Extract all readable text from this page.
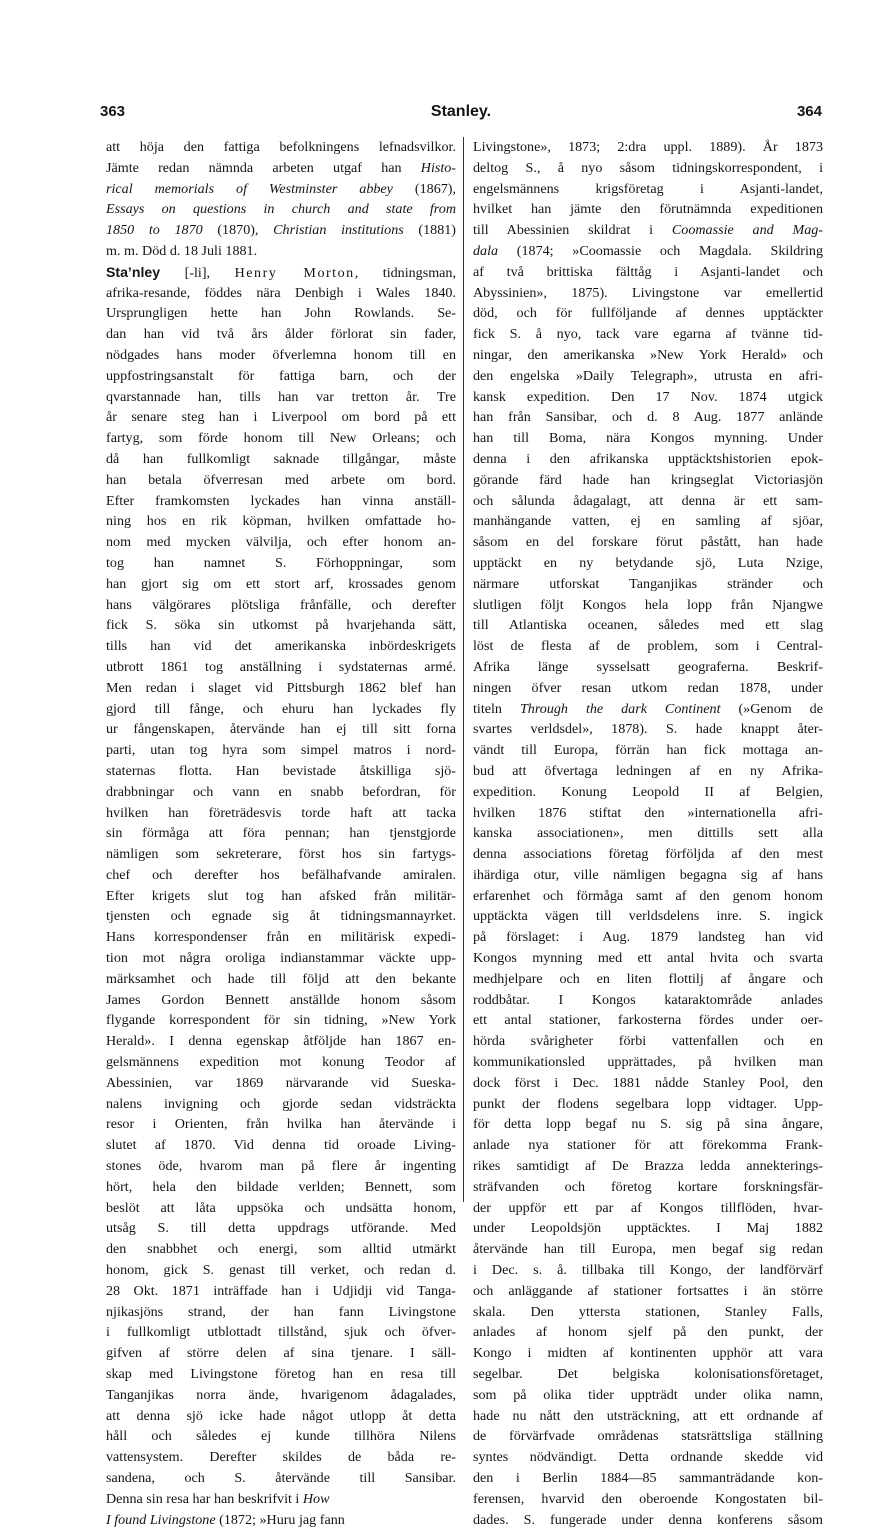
363	Stanley.	364
att höja den fattiga befolkningens lefnadsvilkor.
Jämte redan nämnda arbeten utgaf han Histo-
rical memorials of Westminster abbey (1867),
Essays on questions in church and state from
1850 to 1870 (1870), Christian institutions (1881)
m. m. Död d. 18 Juli 1881.
Sta’nley [-li], Henry Morton, tidningsman,
afrika-resande, föddes nära Denbigh i Wales 1840.
Ursprungligen hette han John Rowlands. Se-
dan han vid två års ålder förlorat sin fader,
nödgades hans moder öfverlemna honom till en
uppfostringsanstalt för fattiga barn, och der
qvarstannade han, tills han var tretton år. Tre
år senare steg han i Liverpool om bord på ett
fartyg, som förde honom till New Orleans; och
då han fullkomligt saknade tillgångar, måste
han betala öfverresan med arbete om bord.
Efter framkomsten lyckades han vinna anställ-
ning hos en rik köpman, hvilken omfattade ho-
nom med mycken välvilja, och efter honom an-
tog han namnet S. Förhoppningar, som
han gjort sig om ett stort arf, krossades genom
hans välgörares plötsliga frånfälle, och derefter
fick S. söka sin utkomst på hvarjehanda sätt,
tills han vid det amerikanska inbördeskrigets
utbrott 1861 tog anställning i sydstaternas armé.
Men redan i slaget vid Pittsburgh 1862 blef han
gjord till fånge, och ehuru han lyckades fly
ur fångenskapen, återvände han ej till sitt forna
parti, utan tog hyra som simpel matros i nord-
staternas flotta. Han bevistade åtskilliga sjö-
drabbningar och vann en snabb befordran, för
hvilken han företrädesvis torde haft att tacka
sin förmåga att föra pennan; han tjenstgjorde
nämligen som sekreterare, först hos sin fartygs-
chef och derefter hos befälhafvande amiralen.
Efter krigets slut tog han afsked från militär-
tjensten och egnade sig åt tidningsmannayrket.
Hans korrespondenser från en militärisk expedi-
tion mot några oroliga indianstammar väckte upp-
märksamhet och hade till följd att den bekante
James Gordon Bennett anställde honom såsom
flygande korrespondent för sin tidning, »New York
Herald». I denna egenskap åtföljde han 1867 en-
gelsmännens expedition mot konung Teodor af
Abessinien, var 1869 närvarande vid Sueska-
nalens invigning och gjorde sedan vidsträckta
resor i Orienten, från hvilka han återvände i
slutet af 1870. Vid denna tid oroade Living-
stones öde, hvarom man på flere år ingenting
hört, hela den bildade verlden; Bennett, som
beslöt att låta uppsöka och undsätta honom,
utsåg S. till detta uppdrags utförande. Med
den snabbhet och energi, som alltid utmärkt
honom, gick S. genast till verket, och redan d.
28 Okt. 1871 inträffade han i Udjidji vid Tanga-
njikasjöns strand, der han fann Livingstone
i fullkomligt utblottadt tillstånd, sjuk och öfver-
gifven af större delen af sina tjenare. I säll-
skap med Livingstone företog han en resa till
Tanganjikas norra ände, hvarigenom ådagalades,
att denna sjö icke hade något utlopp åt detta
håll och således ej kunde tillhöra Nilens
vattensystem. Derefter skildes de båda re-
sandena, och S. återvände till Sansibar.
Denna sin resa har han beskrifvit i How
I found Livingstone (1872; »Huru jag fann
Livingstone», 1873; 2:dra uppl. 1889). År 1873
deltog S., å nyo såsom tidningskorrespondent, i
engelsmännens krigsföretag i Asjanti-landet,
hvilket han jämte den förutnämnda expeditionen
till Abessinien skildrat i Coomassie and Mag-
dala (1874; »Coomassie och Magdala. Skildring
af två brittiska fälttåg i Asjanti-landet och
Abyssinien», 1875). Livingstone var emellertid
död, och för fullföljande af dennes upptäckter
fick S. å nyo, tack vare egarna af tvänne tid-
ningar, den amerikanska »New York Herald» och
den engelska »Daily Telegraph», utrusta en afri-
kansk expedition. Den 17 Nov. 1874 utgick
han från Sansibar, och d. 8 Aug. 1877 anlände
han till Boma, nära Kongos mynning. Under
denna i den afrikanska upptäcktshistorien epok-
görande färd hade han kringseglat Victoriasjön
och sålunda ådagalagt, att denna är ett sam-
manhängande vatten, ej en samling af sjöar,
såsom en del forskare förut påstått, han hade
upptäckt en ny betydande sjö, Luta Nzige,
närmare utforskat Tanganjikas stränder och
slutligen följt Kongos hela lopp från Njangwe
till Atlantiska oceanen, således med ett slag
löst de flesta af de problem, som i Central-
Afrika länge sysselsatt geograferna. Beskrif-
ningen öfver resan utkom redan 1878, under
titeln Through the dark Continent (»Genom de
svartes verldsdel», 1878). S. hade knappt åter-
vändt till Europa, förrän han fick mottaga an-
bud att öfvertaga ledningen af en ny Afrika-
expedition. Konung Leopold II af Belgien,
hvilken 1876 stiftat den »internationella afri-
kanska associationen», men dittills sett alla
denna associations företag förföljda af den mest
ihärdiga otur, ville nämligen begagna sig af hans
erfarenhet och förmåga samt af den genom honom
upptäckta vägen till verldsdelens inre. S. ingick
på förslaget: i Aug. 1879 landsteg han vid
Kongos mynning med ett antal hvita och svarta
medhjelpare och en liten flottilj af ångare och
roddbåtar. I Kongos kataraktområde anlades
ett antal stationer, farkosterna fördes under oer-
hörda svårigheter förbi vattenfallen och en
kommunikationsled upprättades, på hvilken man
dock först i Dec. 1881 nådde Stanley Pool, den
punkt der flodens segelbara lopp vidtager. Upp-
för detta lopp begaf nu S. sig på sina ångare,
anlade nya stationer för att förekomma Frank-
rikes samtidigt af De Brazza ledda annekterings-
sträfvanden och företog kortare forskningsfär-
der uppför ett par af Kongos tillflöden, hvar-
under Leopoldsjön upptäcktes. I Maj 1882
återvände han till Europa, men begaf sig redan
i Dec. s. å. tillbaka till Kongo, der landförvärf
och anläggande af stationer fortsattes i än större
skala. Den yttersta stationen, Stanley Falls,
anlades af honom sjelf på den punkt, der
Kongo i midten af kontinenten upphör att vara
segelbar. Det belgiska kolonisationsföretaget,
som på olika tider uppträdt under olika namn,
hade nu nått den utsträckning, att ett ordnande af
de förvärfvade områdenas statsrättsliga ställning
syntes nödvändigt. Detta ordnande skedde vid
den i Berlin 1884—85 sammanträdande kon-
ferensen, hvarvid den oberoende Kongostaten bil-
dades. S. fungerade under denna konferens såsom
